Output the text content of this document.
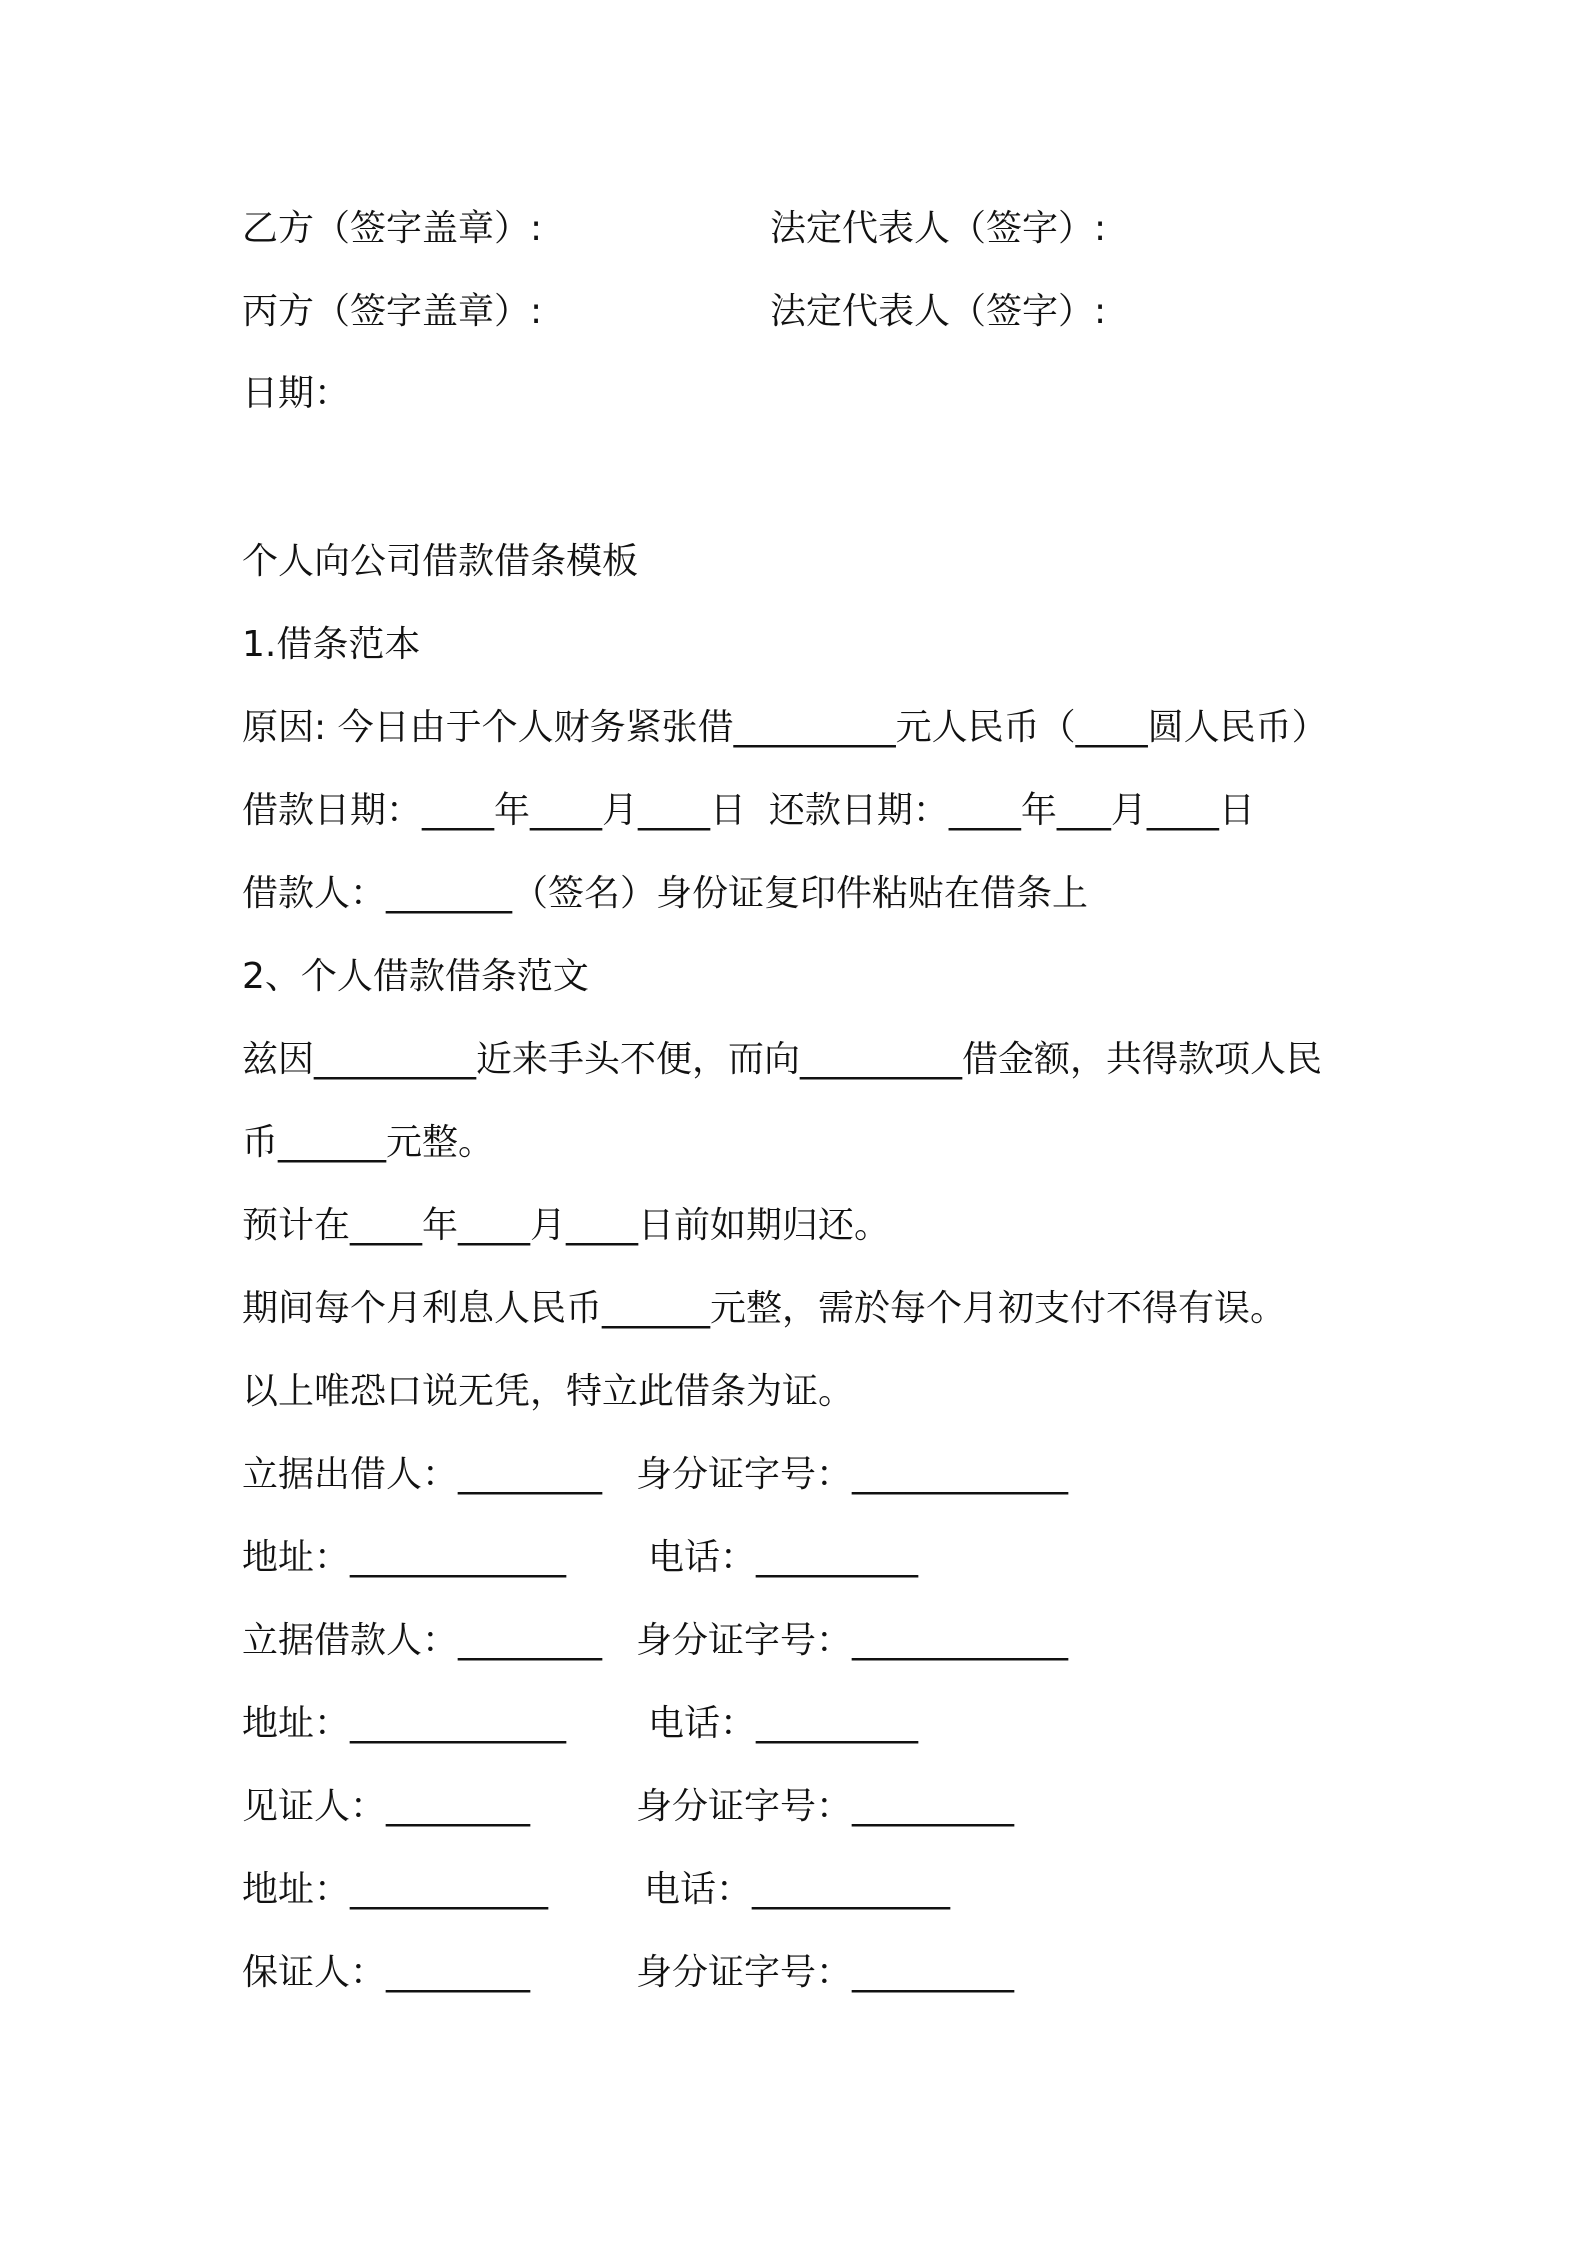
乙方（签字盖章）:	法定代表人（签字）:
丙方（签字盖章）:	法定代表人（签字）:
日期：
个人向公司借款借条模板
1.借条范本
原因: 今日由于个人财务紧张借_________元人民币（____圆人民币）
借款日期：____年____月____日  还款日期：____年___月____日
借款人：_______（签名）身份证复印件粘贴在借条上
2、个人借款借条范文
兹因_________近来手头不便，而向_________借金额，共得款项人民
币______元整。
预计在____年____月____日前如期归还。
期间每个月利息人民币______元整，需於每个月初支付不得有误。
以上唯恐口说无凭，特立此借条为证。
立据出借人：________ 身分证字号：____________
地址：____________ 电话：_________
立据借款人：________ 身分证字号：____________
地址：____________ 电话：_________
见证人：________	身分证字号：_________
地址：___________	电话：___________
保证人：________	身分证字号：_________
